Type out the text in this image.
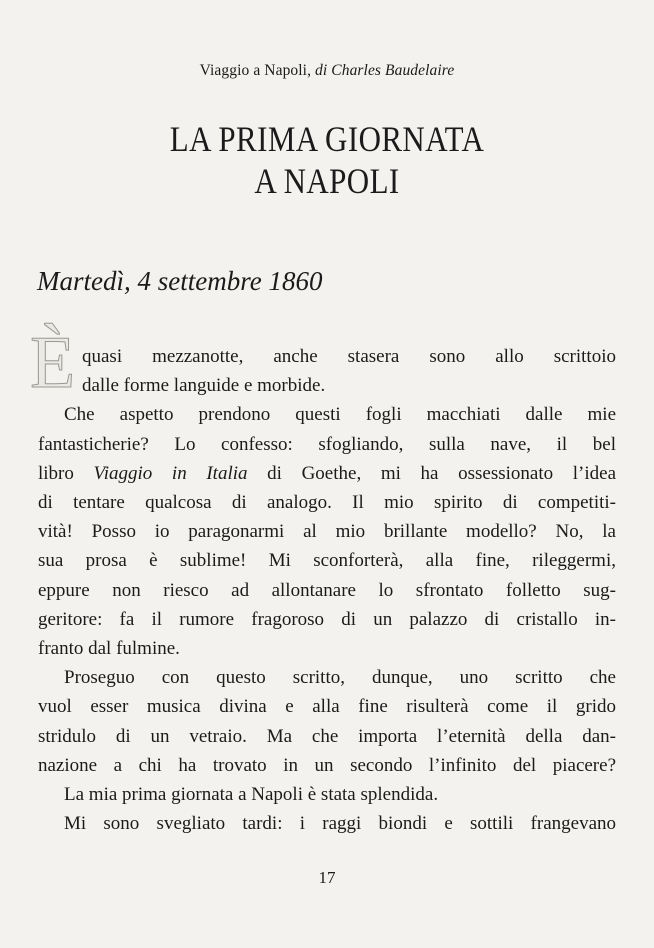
Viaggio a Napoli, di Charles Baudelaire
LA PRIMA GIORNATA
A NAPOLI
Martedì, 4 settembre 1860
È quasi mezzanotte, anche stasera sono allo scrittoio
dalle forme languide e morbide.
Che aspetto prendono questi fogli macchiati dalle mie
fantasticherie? Lo confesso: sfogliando, sulla nave, il bel
libro Viaggio in Italia di Goethe, mi ha ossessionato l’idea
di tentare qualcosa di analogo. Il mio spirito di competiti-
vità! Posso io paragonarmi al mio brillante modello? No, la
sua prosa è sublime! Mi sconforterà, alla fine, rileggermi,
eppure non riesco ad allontanare lo sfrontato folletto sug-
geritore: fa il rumore fragoroso di un palazzo di cristallo in-
franto dal fulmine.
Proseguo con questo scritto, dunque, uno scritto che
vuol esser musica divina e alla fine risulterà come il grido
stridulo di un vetraio. Ma che importa l’eternità della dan-
nazione a chi ha trovato in un secondo l’infinito del piacere?
La mia prima giornata a Napoli è stata splendida.
Mi sono svegliato tardi: i raggi biondi e sottili frangevano
17
